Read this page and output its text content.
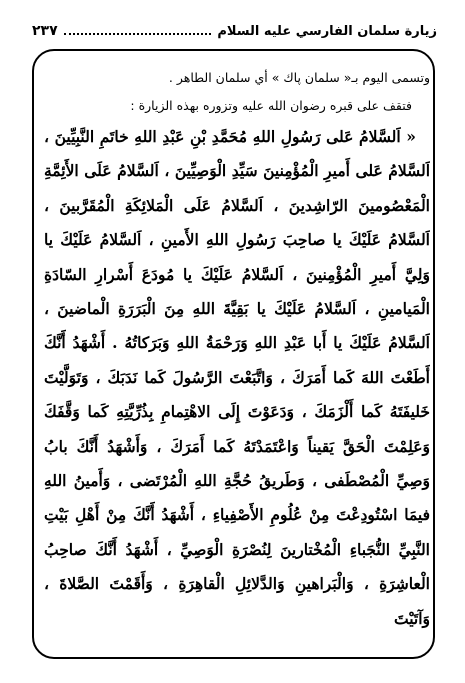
زيارة سلمان الفارسي عليه السلام
٢٣٧

وتسمى اليوم بـ« سلمان پاك » أي سلمان الطاهر .

فتقف على قبره رضوان الله عليه وتزوره بهذه الزيارة :

« اَلسَّلامُ عَلى رَسُولِ اللهِ مُحَمَّدِ بْنِ عَبْدِ اللهِ خاتَمِ النَّبِيِّينَ ، اَلسَّلامُ عَلى أَميرِ الْمُؤْمِنينَ سَيِّدِ الْوَصِيِّينَ ، اَلسَّلامُ عَلَى الأَئِمَّةِ الْمَعْصُومينَ الرّاشِدينَ ، اَلسَّلامُ عَلَى الْمَلائِكَةِ الْمُقَرَّبينَ ، اَلسَّلامُ عَلَيْكَ يا صاحِبَ رَسُولِ اللهِ الأَمينِ ، اَلسَّلامُ عَلَيْكَ يا وَلِيَّ أَميرِ الْمُؤْمِنينَ ، اَلسَّلامُ عَلَيْكَ يا مُودَعَ أَسْرارِ السّادَةِ الْمَيامينِ ، اَلسَّلامُ عَلَيْكَ يا بَقِيَّةَ اللهِ مِنَ الْبَرَرَةِ الْماضينَ ، اَلسَّلامُ عَلَيْكَ يا أَبا عَبْدِ اللهِ وَرَحْمَةُ اللهِ وَبَرَكاتُهُ . أَشْهَدُ أَنَّكَ أَطَعْتَ اللهَ كَما أَمَرَكَ ، وَاتَّبَعْتَ الرَّسُولَ كَما نَدَبَكَ ، وَتَوَلَّيْتَ خَليفَتَهُ كَما أَلْزَمَكَ ، وَدَعَوْتَ إِلَى الاهْتِمامِ بِذُرِّيَّتِهِ كَما وَقَّفَكَ وَعَلِمْتَ الْحَقَّ يَقيناً وَاعْتَمَدْتَهُ كَما أَمَرَكَ ، وَأَشْهَدُ أَنَّكَ بابُ وَصِيِّ الْمُصْطَفى ، وَطَريقُ حُجَّةِ اللهِ الْمُرْتَضى ، وَأَمينُ اللهِ فيمَا اسْتُودِعْتَ مِنْ عُلُومِ الأَصْفِياءِ ، أَشْهَدُ أَنَّكَ مِنْ أَهْلِ بَيْتِ النَّبِيِّ النُّجَباءِ الْمُخْتارينَ لِنُصْرَةِ الْوَصِيِّ ، أَشْهَدُ أَنَّكَ صاحِبُ الْعاشِرَةِ ، وَالْبَراهينِ وَالدَّلائِلِ الْقاهِرَةِ ، وَأَقَمْتَ الصَّلاةَ ، وَآتَيْتَ
